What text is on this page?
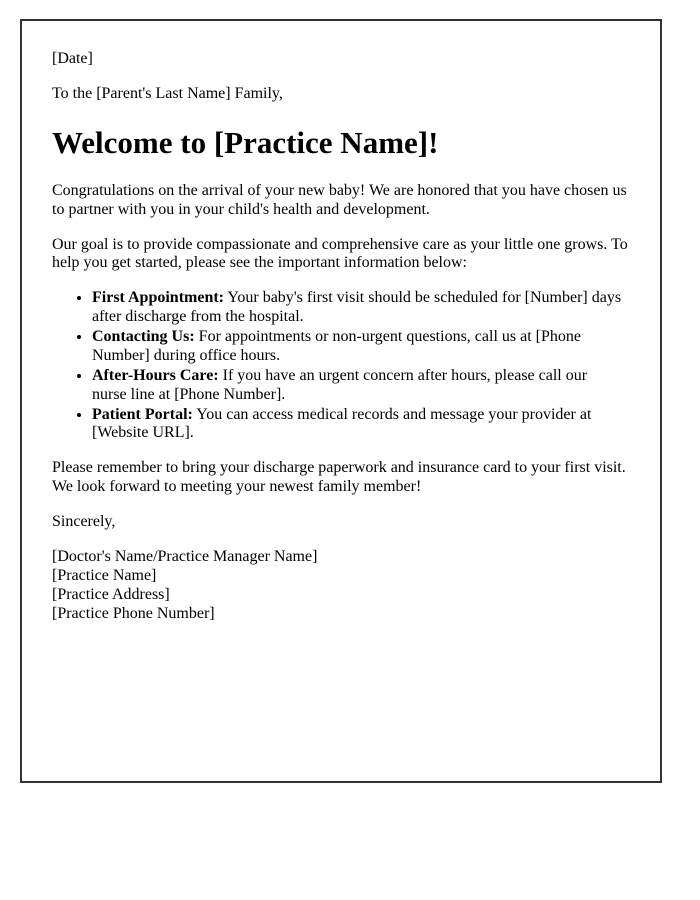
[Date]

To the [Parent's Last Name] Family,

Welcome to [Practice Name]!

Congratulations on the arrival of your new baby! We are honored that you have chosen us to partner with you in your child's health and development.

Our goal is to provide compassionate and comprehensive care as your little one grows. To help you get started, please see the important information below:

• First Appointment: Your baby's first visit should be scheduled for [Number] days after discharge from the hospital.
• Contacting Us: For appointments or non-urgent questions, call us at [Phone Number] during office hours.
• After-Hours Care: If you have an urgent concern after hours, please call our nurse line at [Phone Number].
• Patient Portal: You can access medical records and message your provider at [Website URL].

Please remember to bring your discharge paperwork and insurance card to your first visit. We look forward to meeting your newest family member!

Sincerely,

[Doctor's Name/Practice Manager Name]
[Practice Name]
[Practice Address]
[Practice Phone Number]
